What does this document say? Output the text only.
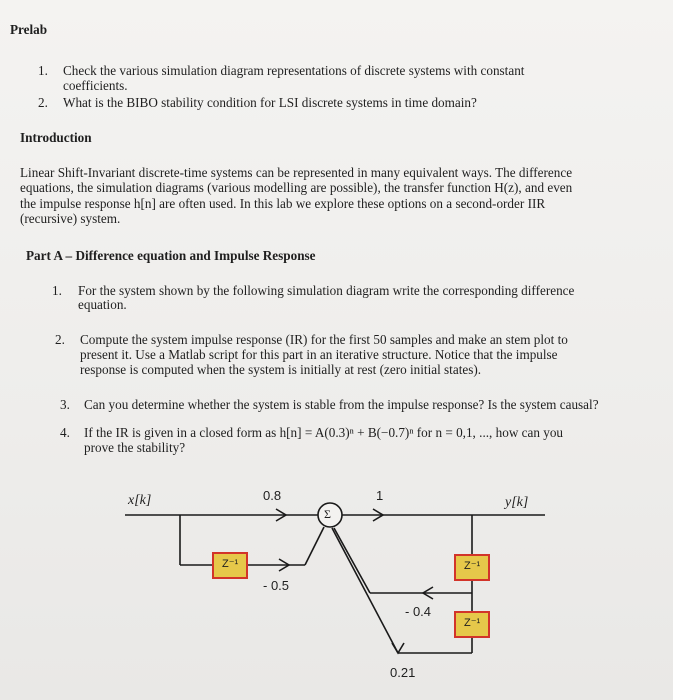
Prelab
1. Check the various simulation diagram representations of discrete systems with constant
coefficients.
2. What is the BIBO stability condition for LSI discrete systems in time domain?
Introduction
Linear Shift-Invariant discrete-time systems can be represented in many equivalent ways. The difference
equations, the simulation diagrams (various modelling are possible), the transfer function H(z), and even
the impulse response h[n] are often used. In this lab we explore these options on a second-order IIR
(recursive) system.
Part A – Difference equation and Impulse Response
1. For the system shown by the following simulation diagram write the corresponding difference
equation.
2. Compute the system impulse response (IR) for the first 50 samples and make an stem plot to
present it. Use a Matlab script for this part in an iterative structure. Notice that the impulse
response is computed when the system is initially at rest (zero initial states).
3. Can you determine whether the system is stable from the impulse response? Is the system causal?
4. If the IR is given in a closed form as h[n] = A(0.3)ⁿ + B(−0.7)ⁿ for n = 0,1, ..., how can you
prove the stability?
x[k]	y[k]
0.8	1
Σ
Z⁻¹	Z⁻¹
Z⁻¹
- 0.5
- 0.4
0.21
